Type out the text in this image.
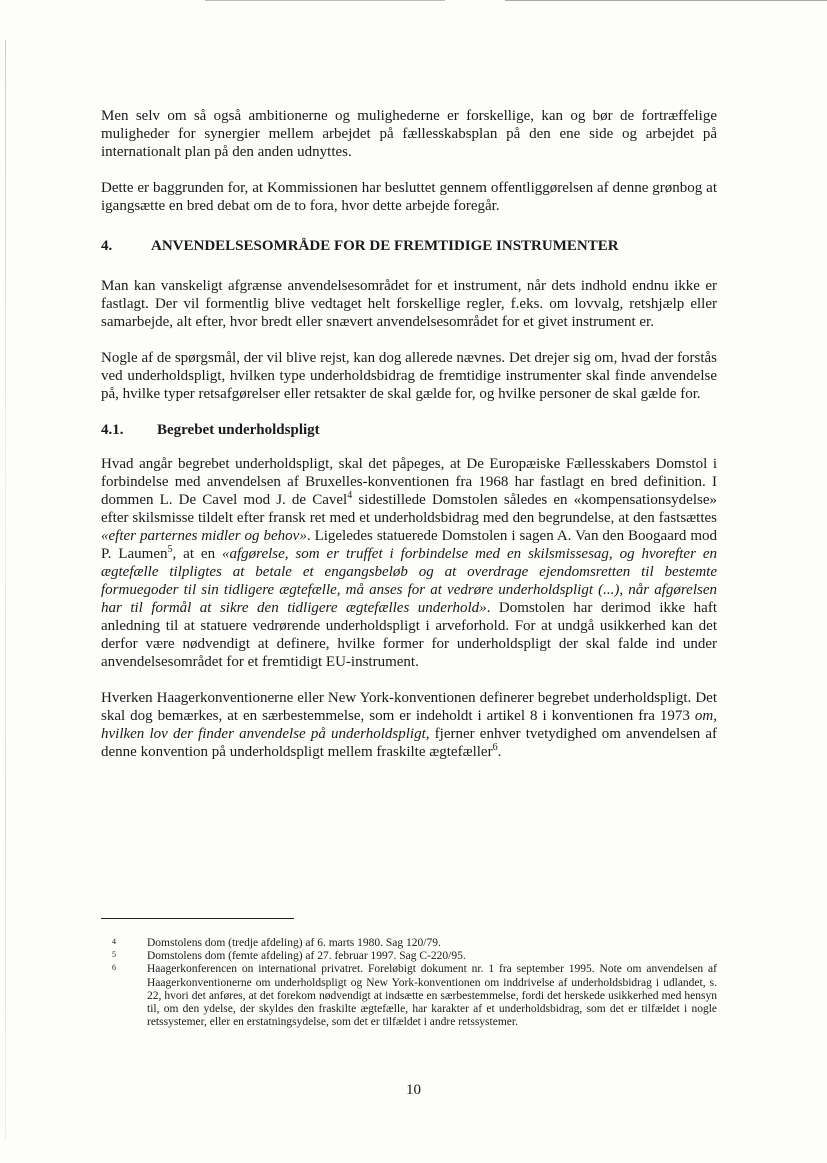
Men selv om så også ambitionerne og mulighederne er forskellige, kan og bør de fortræffelige muligheder for synergier mellem arbejdet på fællesskabsplan på den ene side og arbejdet på internationalt plan på den anden udnyttes.

Dette er baggrunden for, at Kommissionen har besluttet gennem offentliggørelsen af denne grønbog at igangsætte en bred debat om de to fora, hvor dette arbejde foregår.

4.	ANVENDELSESOMRÅDE FOR DE FREMTIDIGE INSTRUMENTER

Man kan vanskeligt afgrænse anvendelsesområdet for et instrument, når dets indhold endnu ikke er fastlagt. Der vil formentlig blive vedtaget helt forskellige regler, f.eks. om lovvalg, retshjælp eller samarbejde, alt efter, hvor bredt eller snævert anvendelsesområdet for et givet instrument er.

Nogle af de spørgsmål, der vil blive rejst, kan dog allerede nævnes. Det drejer sig om, hvad der forstås ved underholdspligt, hvilken type underholdsbidrag de fremtidige instrumenter skal finde anvendelse på, hvilke typer retsafgørelser eller retsakter de skal gælde for, og hvilke personer de skal gælde for.

4.1.	Begrebet underholdspligt

Hvad angår begrebet underholdspligt, skal det påpeges, at De Europæiske Fællesskabers Domstol i forbindelse med anvendelsen af Bruxelles-konventionen fra 1968 har fastlagt en bred definition. I dommen L. De Cavel mod J. de Cavel$^4$ sidestillede Domstolen således en «kompensationsydelse» efter skilsmisse tildelt efter fransk ret med et underholdsbidrag med den begrundelse, at den fastsættes «efter parternes midler og behov». Ligeledes statuerede Domstolen i sagen A. Van den Boogaard mod P. Laumen$^5$, at en «afgørelse, som er truffet i forbindelse med en skilsmissesag, og hvorefter en ægtefælle tilpligtes at betale et engangsbeløb og at overdrage ejendomsretten til bestemte formuegoder til sin tidligere ægtefælle, må anses for at vedrøre underholdspligt (...), når afgørelsen har til formål at sikre den tidligere ægtefælles underhold». Domstolen har derimod ikke haft anledning til at statuere vedrørende underholdspligt i arveforhold. For at undgå usikkerhed kan det derfor være nødvendigt at definere, hvilke former for underholdspligt der skal falde ind under anvendelsesområdet for et fremtidigt EU-instrument.

Hverken Haagerkonventionerne eller New York-konventionen definerer begrebet underholdspligt. Det skal dog bemærkes, at en særbestemmelse, som er indeholdt i artikel 8 i konventionen fra 1973 om, hvilken lov der finder anvendelse på underholdspligt, fjerner enhver tvetydighed om anvendelsen af denne konvention på underholdspligt mellem fraskilte ægtefæller$^6$.

4	Domstolens dom (tredje afdeling) af 6. marts 1980. Sag 120/79.
5	Domstolens dom (femte afdeling) af 27. februar 1997. Sag C-220/95.
6	Haagerkonferencen on international privatret. Foreløbigt dokument nr. 1 fra september 1995. Note om anvendelsen af Haagerkonventionerne om underholdspligt og New York-konventionen om inddrivelse af underholdsbidrag i udlandet, s. 22, hvori det anføres, at det forekom nødvendigt at indsætte en særbestemmelse, fordi det herskede usikkerhed med hensyn til, om den ydelse, der skyldes den fraskilte ægtefælle, har karakter af et underholdsbidrag, som det er tilfældet i nogle retssystemer, eller en erstatningsydelse, som det er tilfældet i andre retssystemer.
10
